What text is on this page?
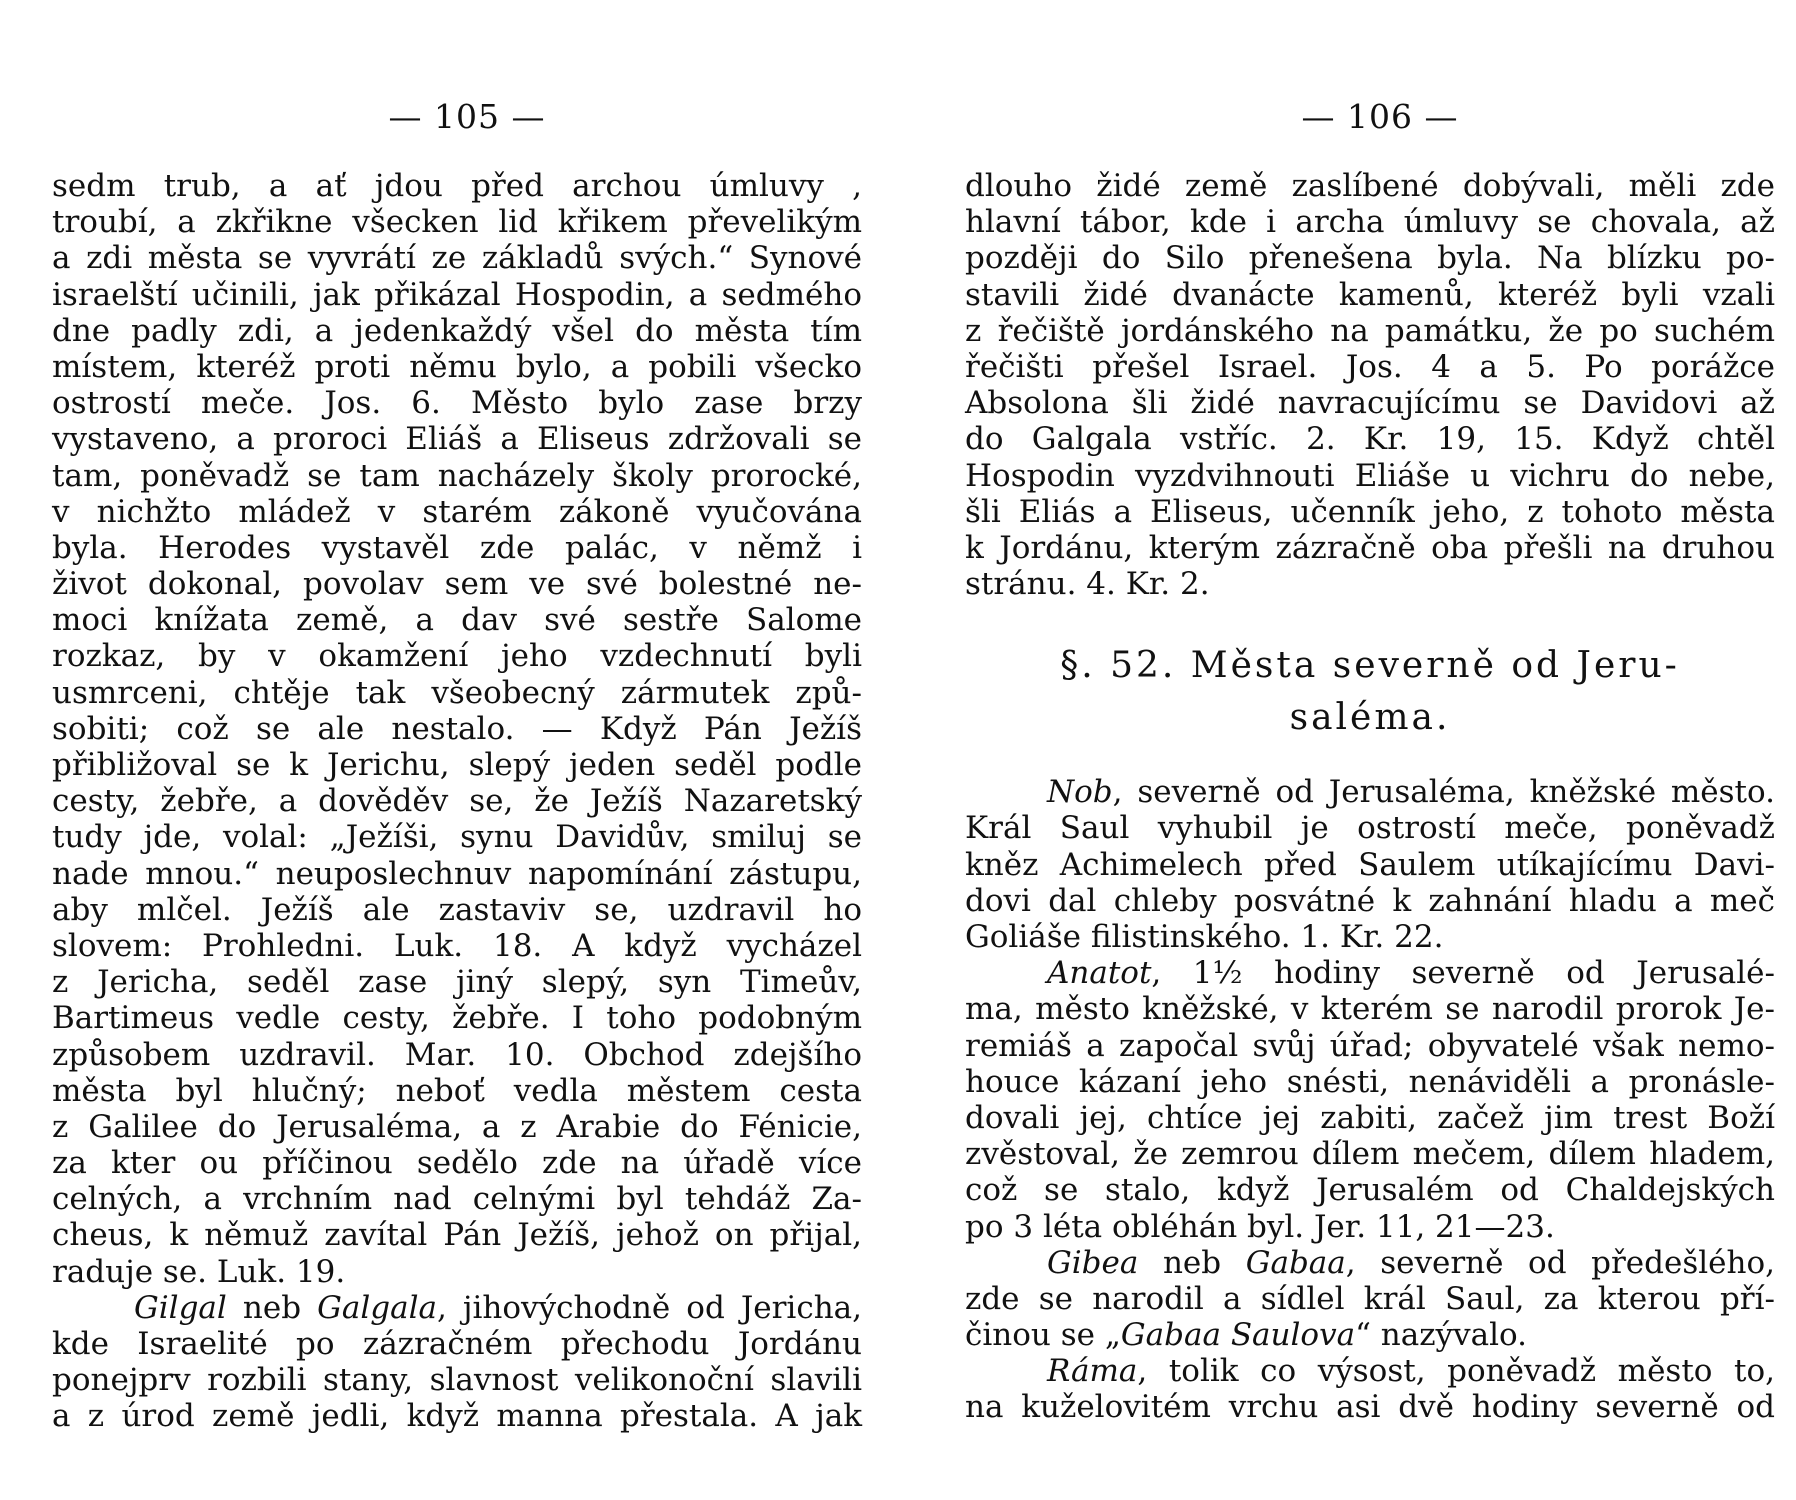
— 105 —
sedm trub, a ať jdou před archou úmluvy ,
troubí, a zkřikne všecken lid křikem převelikým
a zdi města se vyvrátí ze základů svých.“ Synové
israelští učinili, jak přikázal Hospodin, a sedmého
dne padly zdi, a jedenkaždý všel do města tím
místem, kteréž proti němu bylo, a pobili všecko
ostrostí meče. Jos. 6. Město bylo zase brzy
vystaveno, a proroci Eliáš a Eliseus zdržovali se
tam, poněvadž se tam nacházely školy prorocké,
v nichžto mládež v starém zákoně vyučována
byla. Herodes vystavěl zde palác, v němž i
život dokonal, povolav sem ve své bolestné ne-
moci knížata země, a dav své sestře Salome
rozkaz, by v okamžení jeho vzdechnutí byli
usmrceni, chtěje tak všeobecný zármutek způ-
sobiti; což se ale nestalo. — Když Pán Ježíš
přibližoval se k Jerichu, slepý jeden seděl podle
cesty, žebře, a dověděv se, že Ježíš Nazaretský
tudy jde, volal: „Ježíši, synu Davidův, smiluj se
nade mnou.“ neuposlechnuv napomínání zástupu,
aby mlčel. Ježíš ale zastaviv se, uzdravil ho
slovem: Prohledni. Luk. 18. A když vycházel
z Jericha, seděl zase jiný slepý, syn Timeův,
Bartimeus vedle cesty, žebře. I toho podobným
způsobem uzdravil. Mar. 10. Obchod zdejšího
města byl hlučný; neboť vedla městem cesta
z Galilee do Jerusaléma, a z Arabie do Fénicie,
za kter ou příčinou sedělo zde na úřadě více
celných, a vrchním nad celnými byl tehdáž Za-
cheus, k němuž zavítal Pán Ježíš, jehož on přijal,
raduje se. Luk. 19.
Gilgal neb Galgala, jihovýchodně od Jericha,
kde Israelité po zázračném přechodu Jordánu
ponejprv rozbili stany, slavnost velikonoční slavili
a z úrod země jedli, když manna přestala. A jak
— 106 —
dlouho židé země zaslíbené dobývali, měli zde
hlavní tábor, kde i archa úmluvy se chovala, až
později do Silo přenešena byla. Na blízku po-
stavili židé dvanácte kamenů, kteréž byli vzali
z řečiště jordánského na památku, že po suchém
řečišti přešel Israel. Jos. 4 a 5. Po porážce
Absolona šli židé navracujícímu se Davidovi až
do Galgala vstříc. 2. Kr. 19, 15. Když chtěl
Hospodin vyzdvihnouti Eliáše u vichru do nebe,
šli Eliás a Eliseus, učenník jeho, z tohoto města
k Jordánu, kterým zázračně oba přešli na druhou
stránu. 4. Kr. 2.
§. 52. Města severně od Jeru-
saléma.
Nob, severně od Jerusaléma, kněžské město.
Král Saul vyhubil je ostrostí meče, poněvadž
kněz Achimelech před Saulem utíkajícímu Davi-
dovi dal chleby posvátné k zahnání hladu a meč
Goliáše filistinského. 1. Kr. 22.
Anatot, 1½ hodiny severně od Jerusalé-
ma, město kněžské, v kterém se narodil prorok Je-
remiáš a započal svůj úřad; obyvatelé však nemo-
houce kázaní jeho snésti, nenáviděli a pronásle-
dovali jej, chtíce jej zabiti, začež jim trest Boží
zvěstoval, že zemrou dílem mečem, dílem hladem,
což se stalo, když Jerusalém od Chaldejských
po 3 léta obléhán byl. Jer. 11, 21—23.
Gibea neb Gabaa, severně od předešlého,
zde se narodil a sídlel král Saul, za kterou pří-
činou se „Gabaa Saulova“ nazývalo.
Ráma, tolik co výsost, poněvadž město to,
na kuželovitém vrchu asi dvě hodiny severně od
